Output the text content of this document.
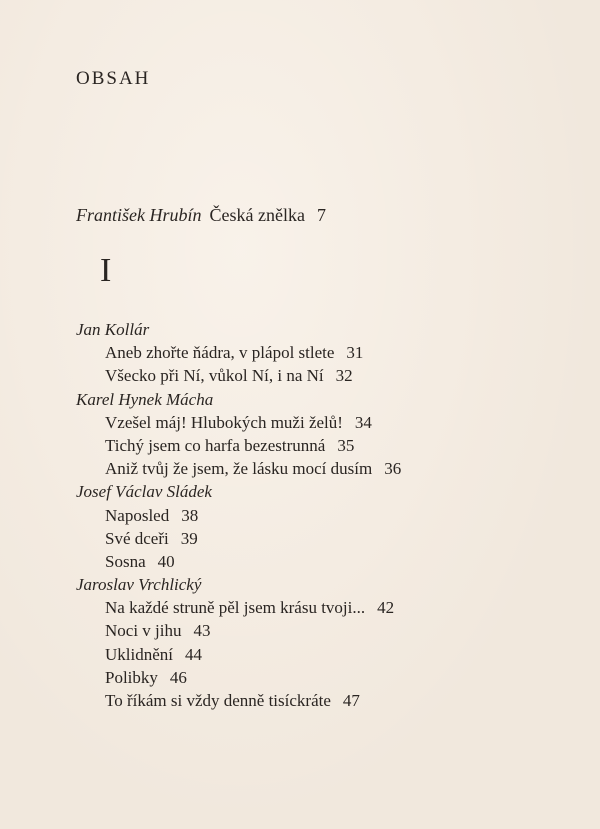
OBSAH
František Hrubín Česká znělka 7
I
Jan Kollár
Aneb zhořte ňádra, v plápol stlete 31
Všecko při Ní, vůkol Ní, i na Ní 32
Karel Hynek Mácha
Vzešel máj! Hlubokých muži želů! 34
Tichý jsem co harfa bezestrunná 35
Aniž tvůj že jsem, že lásku mocí dusím 36
Josef Václav Sládek
Naposled 38
Své dceři 39
Sosna 40
Jaroslav Vrchlický
Na každé struně pěl jsem krásu tvoji... 42
Noci v jihu 43
Uklidnění 44
Polibky 46
To říkám si vždy denně tisíckráte 47
